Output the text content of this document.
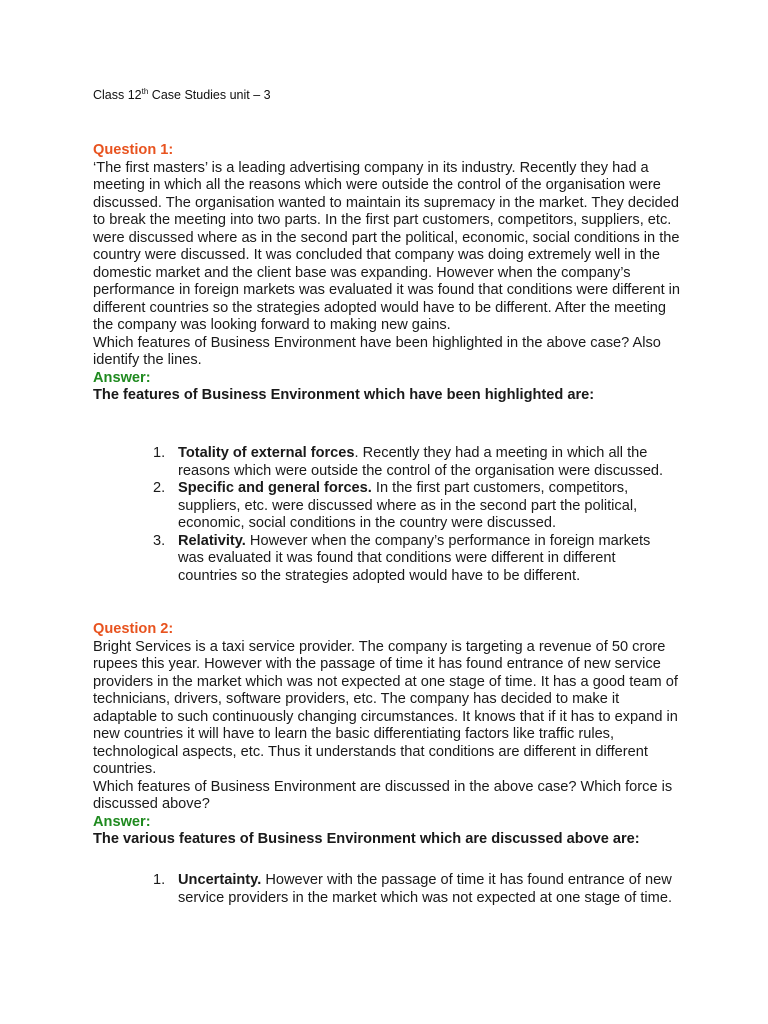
Class 12th Case Studies unit – 3
Question 1:
‘The first masters’ is a leading advertising company in its industry. Recently they had a meeting in which all the reasons which were outside the control of the organisation were discussed. The organisation wanted to maintain its supremacy in the market. They decided to break the meeting into two parts. In the first part customers, competitors, suppliers, etc. were discussed where as in the second part the political, economic, social conditions in the country were discussed. It was concluded that company was doing extremely well in the domestic market and the client base was expanding. However when the company’s performance in foreign markets was evaluated it was found that conditions were different in different countries so the strategies adopted would have to be different. After the meeting the company was looking forward to making new gains.
Which features of Business Environment have been highlighted in the above case? Also identify the lines.
Answer:
The features of Business Environment which have been highlighted are:
1. Totality of external forces. Recently they had a meeting in which all the reasons which were outside the control of the organisation were discussed.

2. Specific and general forces. In the first part customers, competitors, suppliers, etc. were discussed where as in the second part the political, economic, social conditions in the country were discussed.

3. Relativity. However when the company’s performance in foreign markets was evaluated it was found that conditions were different in different countries so the strategies adopted would have to be different.

Question 2:
Bright Services is a taxi service provider. The company is targeting a revenue of 50 crore rupees this year. However with the passage of time it has found entrance of new service providers in the market which was not expected at one stage of time. It has a good team of technicians, drivers, software providers, etc. The company has decided to make it adaptable to such continuously changing circumstances. It knows that if it has to expand in new countries it will have to learn the basic differentiating factors like traffic rules, technological aspects, etc. Thus it understands that conditions are different in different countries.
Which features of Business Environment are discussed in the above case? Which force is discussed above?
Answer:
The various features of Business Environment which are discussed above are:
1. Uncertainty. However with the passage of time it has found entrance of new service providers in the market which was not expected at one stage of time.
